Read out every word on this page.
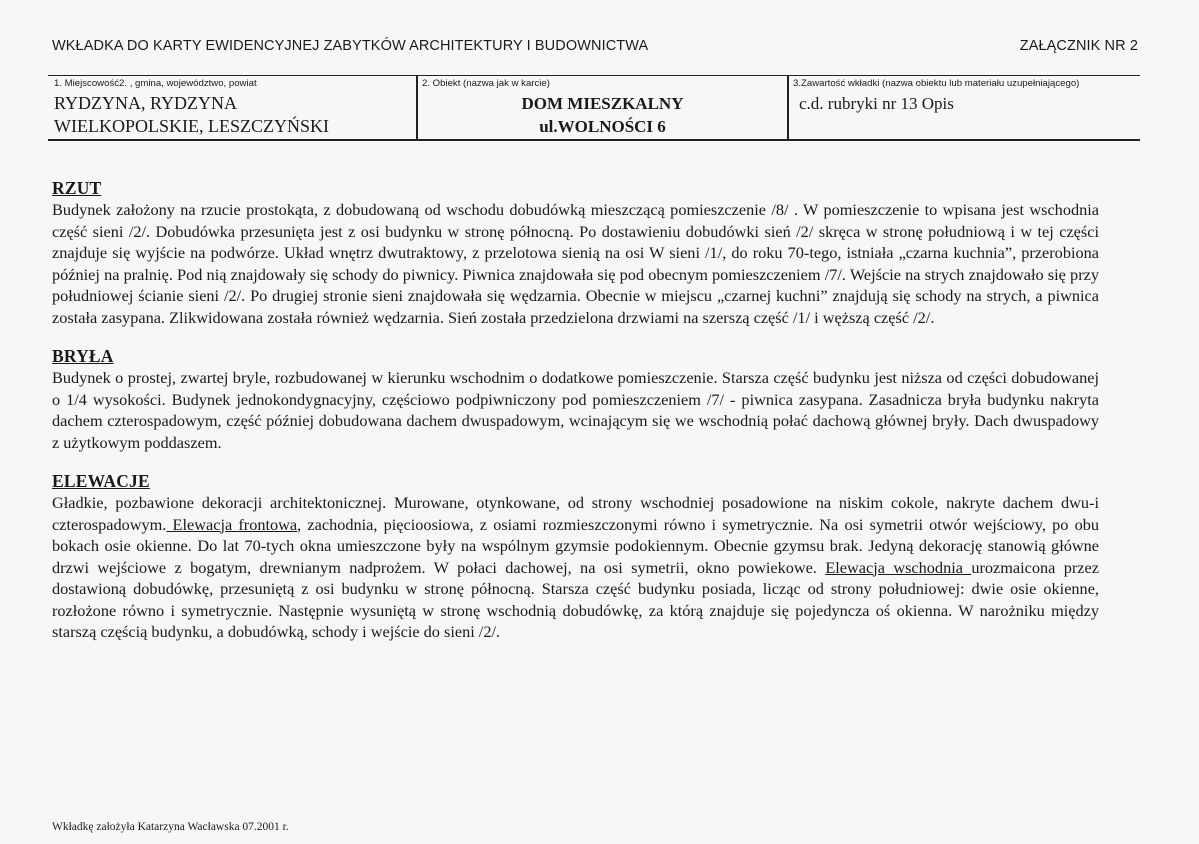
WKŁADKA DO KARTY EWIDENCYJNEJ ZABYTKÓW ARCHITEKTURY I BUDOWNICTWA	ZAŁĄCZNIK NR 2
1. Miejscowość2. , gmina, województwo, powiat
RYDZYNA, RYDZYNA
WIELKOPOLSKIE, LESZCZYŃSKI
2. Obiekt (nazwa jak w karcie)
DOM MIESZKALNY
ul.WOLNOŚCI 6
3.Zawartość wkładki (nazwa obiektu lub materiału uzupełniającego)
c.d. rubryki nr 13 Opis

RZUT

Budynek założony na rzucie prostokąta, z dobudowaną od wschodu dobudówką mieszczącą pomieszczenie /8/ . W pomieszczenie to wpisana jest wschodnia część sieni /2/. Dobudówka przesunięta jest z osi budynku w stronę północną. Po dostawieniu dobudówki sień /2/ skręca w stronę południową i w tej części znajduje się wyjście na podwórze. Układ wnętrz dwutraktowy, z przelotowa sienią na osi W sieni /1/, do roku 70-tego, istniała „czarna kuchnia”, przerobiona później na pralnię. Pod nią znajdowały się schody do piwnicy. Piwnica znajdowała się pod obecnym pomieszczeniem /7/. Wejście na strych znajdowało się przy południowej ścianie sieni /2/. Po drugiej stronie sieni znajdowała się wędzarnia. Obecnie w miejscu „czarnej kuchni” znajdują się schody na strych, a piwnica została zasypana. Zlikwidowana została również wędzarnia. Sień została przedzielona drzwiami na szerszą część /1/ i węższą część /2/.

BRYŁA

Budynek o prostej, zwartej bryle, rozbudowanej w kierunku wschodnim o dodatkowe pomieszczenie. Starsza część budynku jest niższa od części dobudowanej o 1/4 wysokości. Budynek jednokondygnacyjny, częściowo podpiwniczony pod pomieszczeniem /7/ - piwnica zasypana. Zasadnicza bryła budynku nakryta dachem czterospadowym, część później dobudowana dachem dwuspadowym, wcinającym się we wschodnią połać dachową głównej bryły. Dach dwuspadowy z użytkowym poddaszem.

ELEWACJE

Gładkie, pozbawione dekoracji architektonicznej. Murowane, otynkowane, od strony wschodniej posadowione na niskim cokole, nakryte dachem dwu-i czterospadowym. Elewacja frontowa, zachodnia, pięcioosiowa, z osiami rozmieszczonymi równo i symetrycznie. Na osi symetrii otwór wejściowy, po obu bokach osie okienne. Do lat 70-tych okna umieszczone były na wspólnym gzymsie podokiennym. Obecnie gzymsu brak. Jedyną dekorację stanowią główne drzwi wejściowe z bogatym, drewnianym nadprożem. W połaci dachowej, na osi symetrii, okno powiekowe. Elewacja wschodnia urozmaicona przez dostawioną dobudówkę, przesuniętą z osi budynku w stronę północną. Starsza część budynku posiada, licząc od strony południowej: dwie osie okienne, rozłożone równo i symetrycznie. Następnie wysuniętą w stronę wschodnią dobudówkę, za którą znajduje się pojedyncza oś okienna. W narożniku między starszą częścią budynku, a dobudówką, schody i wejście do sieni /2/.

Wkładkę założyła Katarzyna Wacławska 07.2001 r.
